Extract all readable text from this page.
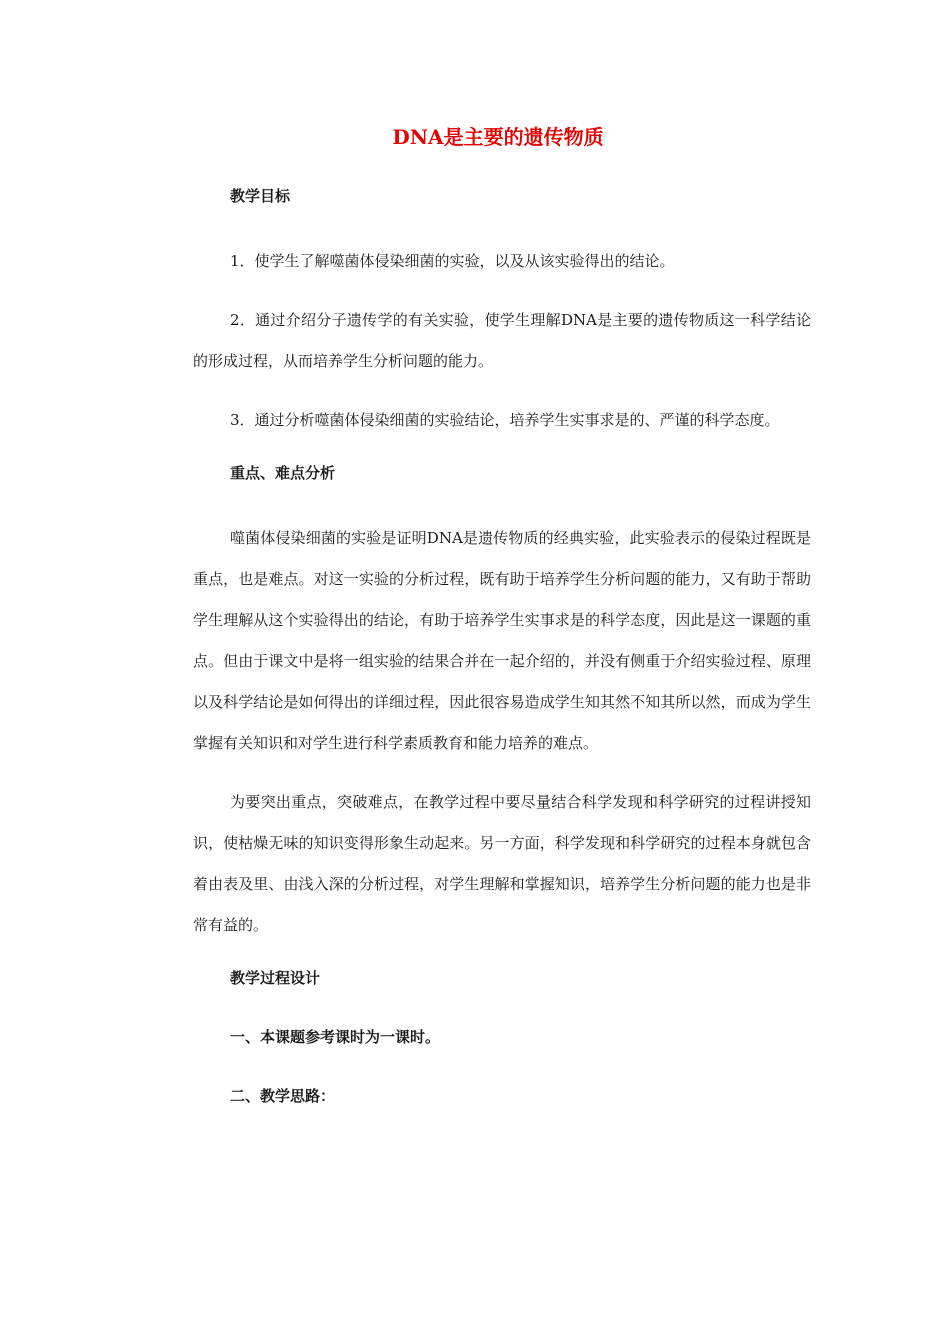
DNA是主要的遗传物质
教学目标
1．使学生了解噬菌体侵染细菌的实验，以及从该实验得出的结论。
2．通过介绍分子遗传学的有关实验，使学生理解DNA是主要的遗传物质这一科学结论的形成过程，从而培养学生分析问题的能力。
3．通过分析噬菌体侵染细菌的实验结论，培养学生实事求是的、严谨的科学态度。
重点、难点分析
噬菌体侵染细菌的实验是证明DNA是遗传物质的经典实验，此实验表示的侵染过程既是重点，也是难点。对这一实验的分析过程，既有助于培养学生分析问题的能力，又有助于帮助学生理解从这个实验得出的结论，有助于培养学生实事求是的科学态度，因此是这一课题的重点。但由于课文中是将一组实验的结果合并在一起介绍的，并没有侧重于介绍实验过程、原理以及科学结论是如何得出的详细过程，因此很容易造成学生知其然不知其所以然，而成为学生掌握有关知识和对学生进行科学素质教育和能力培养的难点。
为要突出重点，突破难点，在教学过程中要尽量结合科学发现和科学研究的过程讲授知识，使枯燥无味的知识变得形象生动起来。另一方面，科学发现和科学研究的过程本身就包含着由表及里、由浅入深的分析过程，对学生理解和掌握知识，培养学生分析问题的能力也是非常有益的。
教学过程设计
一、本课题参考课时为一课时。
二、教学思路：
